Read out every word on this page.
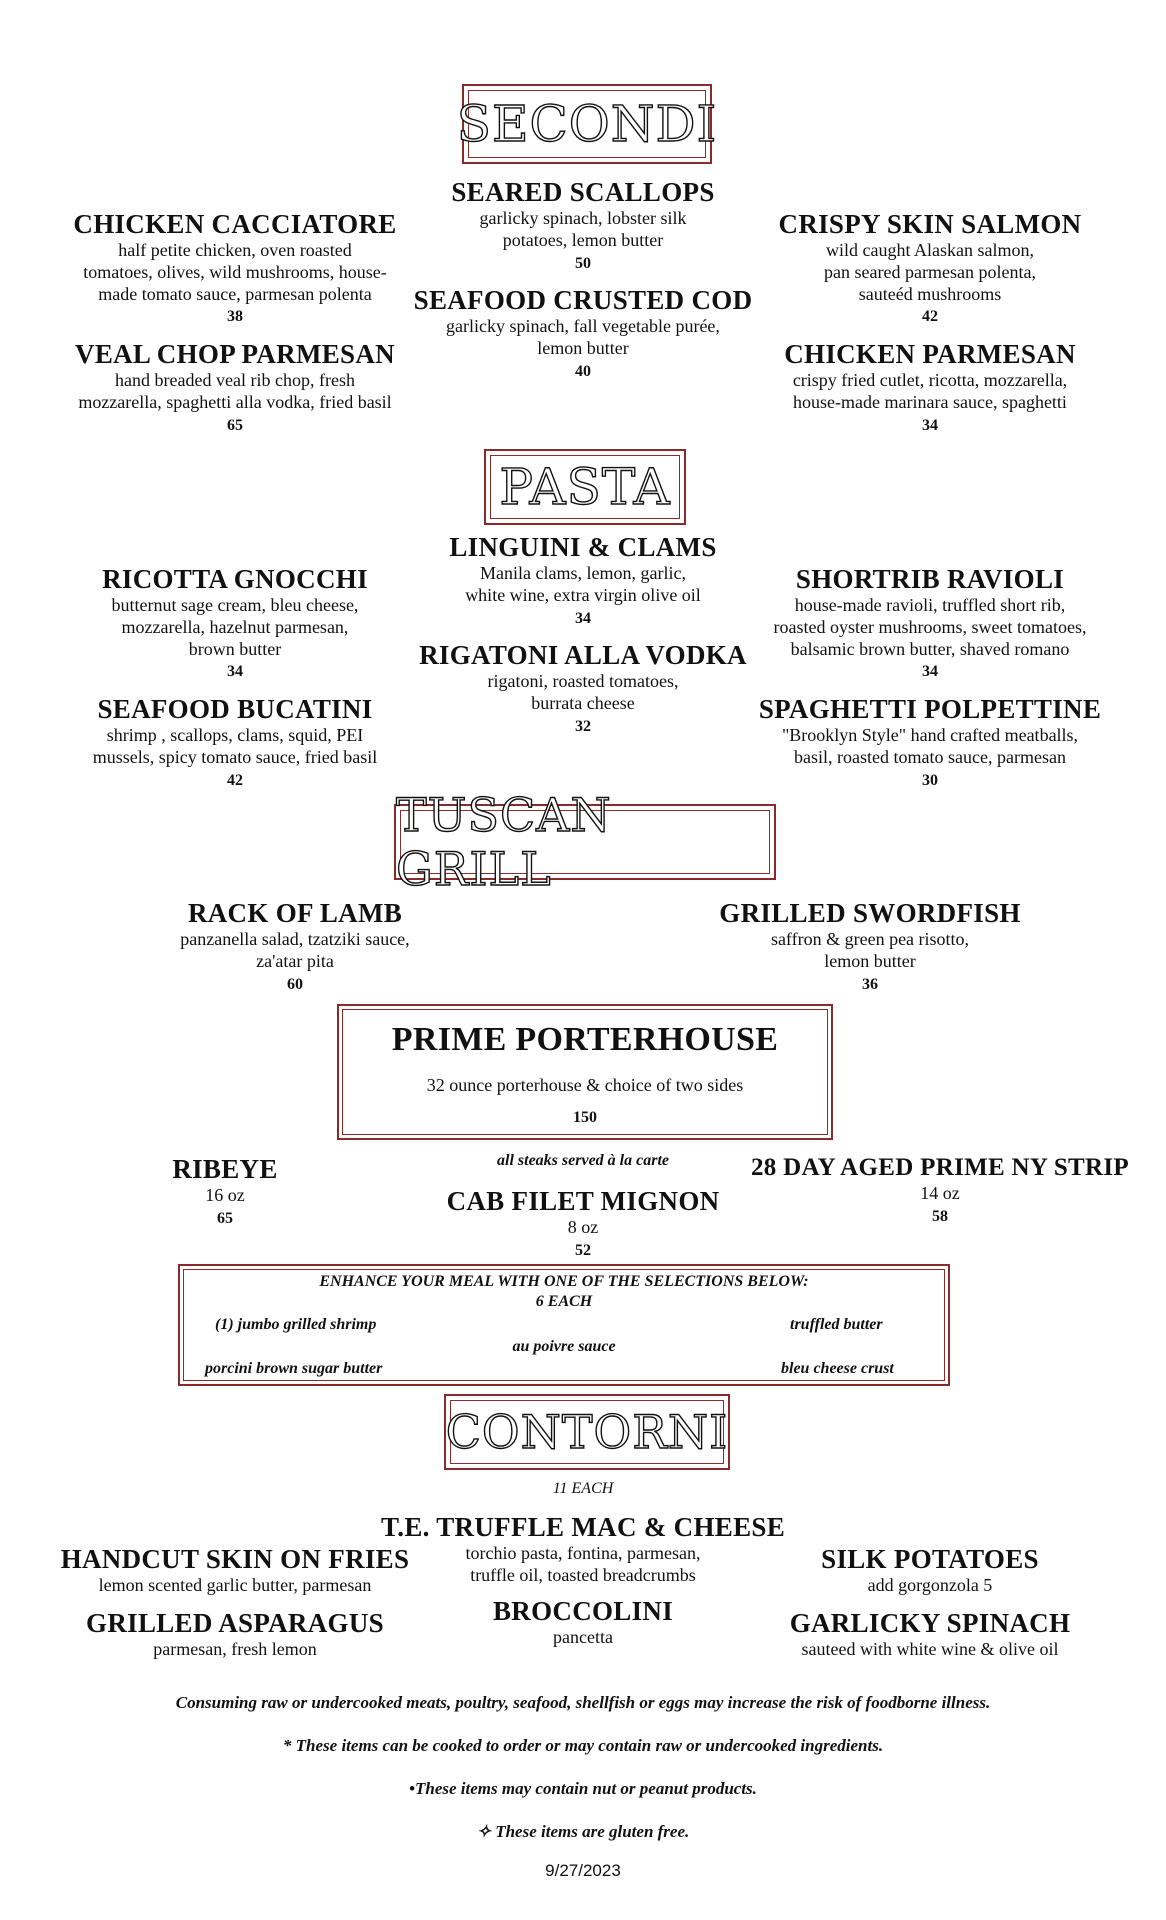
SECONDI
CHICKEN CACCIATORE
half petite chicken, oven roasted
tomatoes, olives, wild mushrooms, house-
made tomato sauce, parmesan polenta
38
VEAL CHOP PARMESAN
hand breaded veal rib chop, fresh
mozzarella, spaghetti alla vodka, fried basil
65
SEARED SCALLOPS
garlicky spinach, lobster silk
potatoes, lemon butter
50
SEAFOOD CRUSTED COD
garlicky spinach, fall vegetable purée,
lemon butter
40
CRISPY SKIN SALMON
wild caught Alaskan salmon,
pan seared parmesan polenta,
sauteéd mushrooms
42
CHICKEN PARMESAN
crispy fried cutlet, ricotta, mozzarella,
house-made marinara sauce, spaghetti
34
PASTA
RICOTTA GNOCCHI
butternut sage cream, bleu cheese,
mozzarella, hazelnut parmesan,
brown butter
34
SEAFOOD BUCATINI
shrimp , scallops, clams, squid, PEI
mussels, spicy tomato sauce, fried basil
42
LINGUINI & CLAMS
Manila clams, lemon, garlic,
white wine, extra virgin olive oil
34
RIGATONI ALLA VODKA
rigatoni, roasted tomatoes,
burrata cheese
32
SHORTRIB RAVIOLI
house-made ravioli, truffled short rib,
roasted oyster mushrooms, sweet tomatoes,
balsamic brown butter, shaved romano
34
SPAGHETTI POLPETTINE
"Brooklyn Style" hand crafted meatballs,
basil, roasted tomato sauce, parmesan
30
TUSCAN GRILL
RACK OF LAMB
panzanella salad, tzatziki sauce,
za'atar pita
60
GRILLED SWORDFISH
saffron & green pea risotto,
lemon butter
36
PRIME PORTERHOUSE
32 ounce porterhouse & choice of two sides
150
all steaks served à la carte
RIBEYE
16 oz
65
CAB FILET MIGNON
8 oz
52
28 DAY AGED PRIME NY STRIP
14 oz
58
ENHANCE YOUR MEAL WITH ONE OF THE SELECTIONS BELOW:
6 EACH
(1) jumbo grilled shrimp	truffled butter
au poivre sauce
porcini brown sugar butter	bleu cheese crust
CONTORNI
11 EACH
HANDCUT SKIN ON FRIES
lemon scented garlic butter, parmesan
GRILLED ASPARAGUS
parmesan, fresh lemon
T.E. TRUFFLE MAC & CHEESE
torchio pasta, fontina, parmesan,
truffle oil, toasted breadcrumbs
BROCCOLINI
pancetta
SILK POTATOES
add gorgonzola 5
GARLICKY SPINACH
sauteed with white wine & olive oil
Consuming raw or undercooked meats, poultry, seafood, shellfish or eggs may increase the risk of foodborne illness.
* These items can be cooked to order or may contain raw or undercooked ingredients.
•These items may contain nut or peanut products.
✧ These items are gluten free.
9/27/2023
